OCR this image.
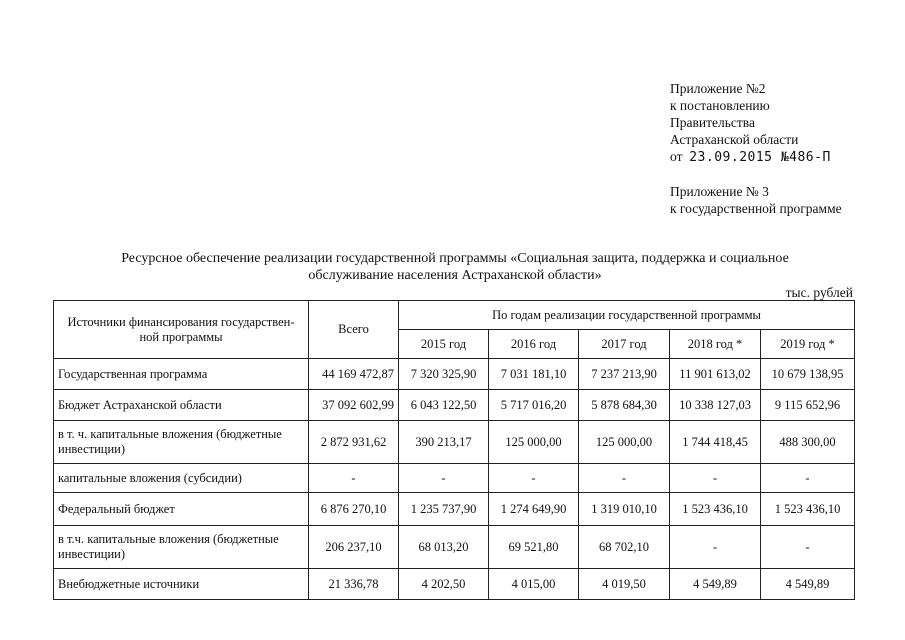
Приложение №2
к постановлению
Правительства
Астраханской области
от 23.09.2015 №486-П
Приложение № 3
к государственной программе
Ресурсное обеспечение реализации государственной программы «Социальная защита, поддержка и социальное
обслуживание населения Астраханской области»
тыс. рублей
Источники финансирования государствен-ной программы	Всего	По годам реализации государственной программы				
		2015 год	2016 год	2017 год	2018 год *	2019 год *
Государственная программа	44 169 472,87	7 320 325,90	7 031 181,10	7 237 213,90	11 901 613,02	10 679 138,95
Бюджет Астраханской области	37 092 602,99	6 043 122,50	5 717 016,20	5 878 684,30	10 338 127,03	9 115 652,96
в т. ч. капитальные вложения (бюджетные инвестиции)	2 872 931,62	390 213,17	125 000,00	125 000,00	1 744 418,45	488 300,00
капитальные вложения (субсидии)	-	-	-	-	-	-
Федеральный бюджет	6 876 270,10	1 235 737,90	1 274 649,90	1 319 010,10	1 523 436,10	1 523 436,10
в т.ч. капитальные вложения (бюджетные инвестиции)	206 237,10	68 013,20	69 521,80	68 702,10	-	-
Внебюджетные источники	21 336,78	4 202,50	4 015,00	4 019,50	4 549,89	4 549,89
